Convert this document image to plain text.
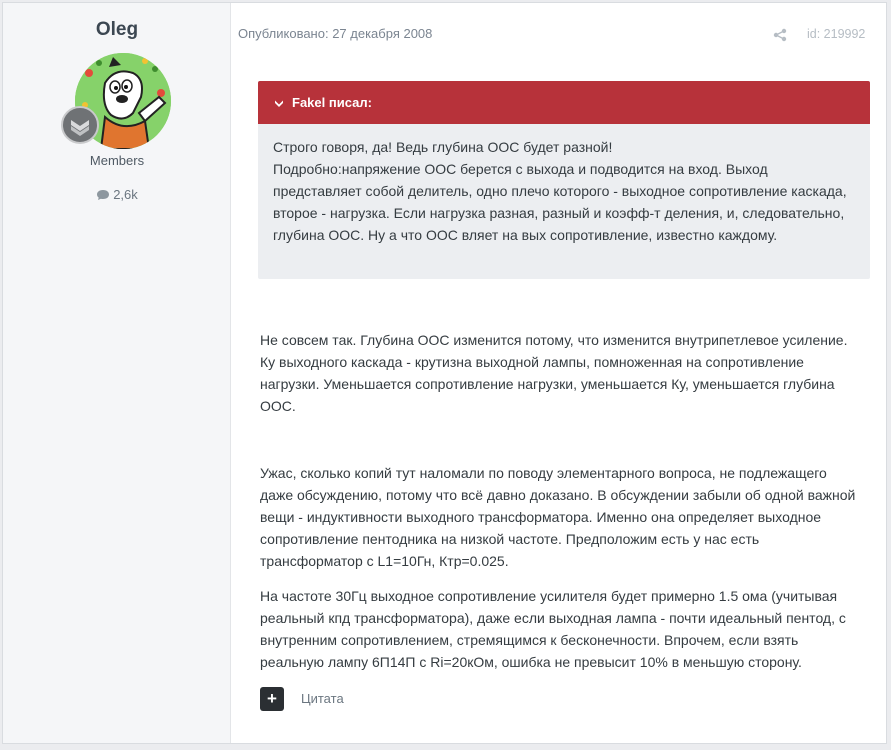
Oleg
Members
2,6k
Опубликовано: 27 декабря 2008	id: 219992
Fakel писал:

Строго говоря, да! Ведь глубина ООС будет разной!

Подробно:напряжение ООС берется с выхода и подводится на вход. Выход представляет собой делитель, одно плечо которого - выходное сопротивление каскада, второе - нагрузка. Если нагрузка разная, разный и коэфф-т деления, и, следовательно, глубина ООС. Ну а что ООС вляет на вых сопротивление, известно каждому.

Не совсем так. Глубина ООС изменится потому, что изменится внутрипетлевое усиление. Ку выходного каскада - крутизна выходной лампы, помноженная на сопротивление нагрузки. Уменьшается сопротивление нагрузки, уменьшается Ку, уменьшается глубина ООС.

Ужас, сколько копий тут наломали по поводу элементарного вопроса, не подлежащего даже обсуждению, потому что всё давно доказано. В обсуждении забыли об одной важной вещи - индуктивности выходного трансформатора. Именно она определяет выходное сопротивление пентодника на низкой частоте. Предположим есть у нас есть трансформатор с L1=10Гн, Ктр=0.025.

На частоте 30Гц выходное сопротивление усилителя будет примерно 1.5 ома (учитывая реальный кпд трансформатора), даже если выходная лампа - почти идеальный пентод, с внутренним сопротивлением, стремящимся к бесконечности. Впрочем, если взять реальную лампу 6П14П с Ri=20кОм, ошибка не превысит 10% в меньшую сторону.

+	Цитата
